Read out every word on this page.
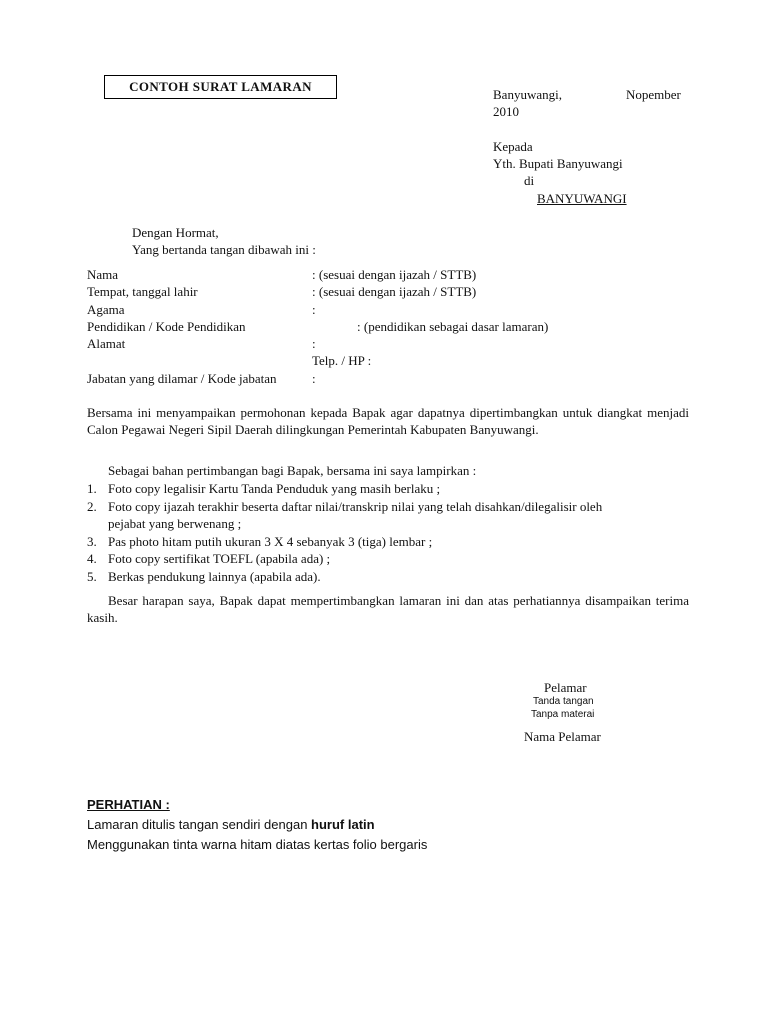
CONTOH SURAT LAMARAN
Banyuwangi,	Nopember
2010
Kepada
Yth. Bupati Banyuwangi
di
BANYUWANGI
Dengan Hormat,
Yang bertanda tangan dibawah ini :
Nama	: (sesuai dengan ijazah / STTB)
Tempat, tanggal lahir	: (sesuai dengan ijazah / STTB)
Agama	:
Pendidikan / Kode Pendidikan	: (pendidikan sebagai dasar lamaran)
Alamat	:
Telp. / HP :
Jabatan yang dilamar / Kode jabatan	:
Bersama ini menyampaikan permohonan kepada Bapak agar dapatnya dipertimbangkan untuk diangkat menjadi Calon Pegawai Negeri Sipil Daerah dilingkungan Pemerintah Kabupaten Banyuwangi.
Sebagai bahan pertimbangan bagi Bapak, bersama ini saya lampirkan :
1. Foto copy legalisir Kartu Tanda Penduduk yang masih berlaku ;
2. Foto copy ijazah terakhir beserta daftar nilai/transkrip nilai yang telah disahkan/dilegalisir oleh
pejabat yang berwenang ;
3. Pas photo hitam putih ukuran 3 X 4 sebanyak 3 (tiga) lembar ;
4. Foto copy sertifikat TOEFL (apabila ada) ;
5. Berkas pendukung lainnya (apabila ada).
Besar harapan saya, Bapak dapat mempertimbangkan lamaran ini dan atas perhatiannya disampaikan terima kasih.
Pelamar
Tanda tangan
Tanpa materai
Nama Pelamar
PERHATIAN :
Lamaran ditulis tangan sendiri dengan huruf latin
Menggunakan tinta warna hitam diatas kertas folio bergaris
